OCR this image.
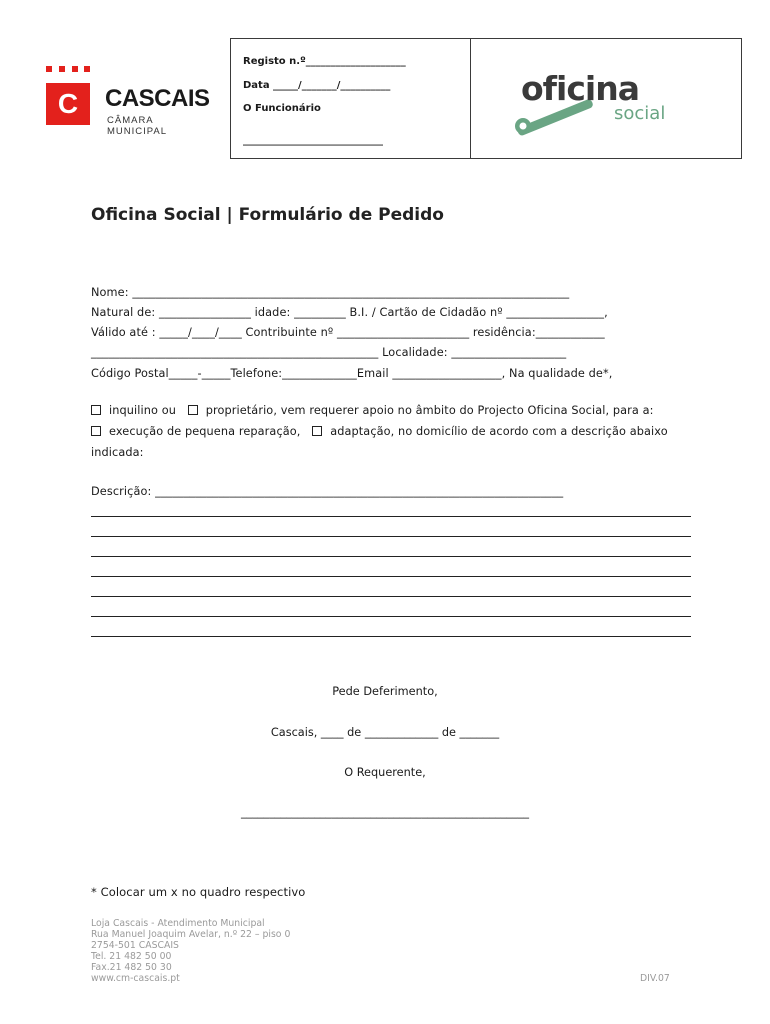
C	CASCAIS
CÂMARA MUNICIPAL
Registo n.º____________________
Data _____/_______/__________
O Funcionário
____________________________
oficina
social
Oficina Social | Formulário de Pedido
Nome: ____________________________________________________________________________
Natural de: ________________ idade: _________ B.I. / Cartão de Cidadão nº _________________,
Válido até : _____/____/____ Contribuinte nº _______________________ residência:____________
__________________________________________________ Localidade: ____________________
Código Postal_____-_____Telefone:_____________Email ___________________, Na qualidade de*,
inquilino ou	proprietário, vem requerer apoio no âmbito do Projecto Oficina Social, para a:
execução de pequena reparação,	adaptação, no domicílio de acordo com a descrição abaixo
indicada:
Descrição: _______________________________________________________________________
Pede Deferimento,
Cascais, ____ de _____________ de _______
O Requerente,
___________________________________________________
* Colocar um x no quadro respectivo
Loja Cascais - Atendimento Municipal
Rua Manuel Joaquim Avelar, n.º 22 – piso 0
2754-501 CASCAIS
Tel. 21 482 50 00
Fax.21 482 50 30
www.cm-cascais.pt	DIV.07
